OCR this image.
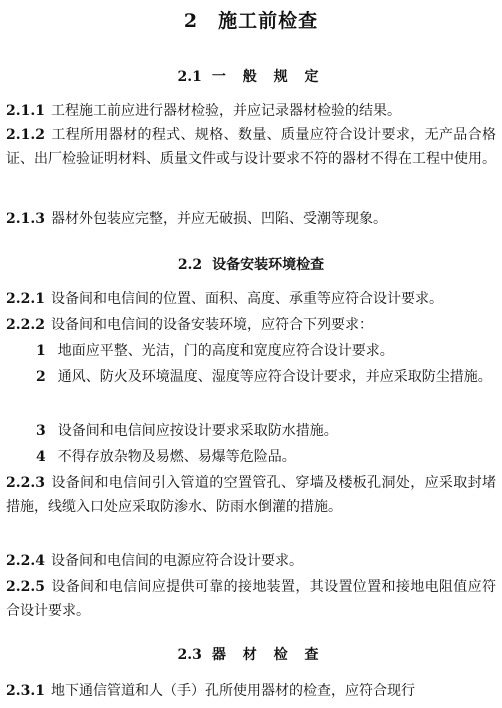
2　施工前检查
2.1 一 般 规 定
2.1.1 工程施工前应进行器材检验，并应记录器材检验的结果。
2.1.2 工程所用器材的程式、规格、数量、质量应符合设计要求，无产品合格证、出厂检验证明材料、质量文件或与设计要求不符的器材不得在工程中使用。
2.1.3 器材外包装应完整，并应无破损、凹陷、受潮等现象。
2.2 设备安装环境检查
2.2.1 设备间和电信间的位置、面积、高度、承重等应符合设计要求。
2.2.2 设备间和电信间的设备安装环境，应符合下列要求：
1 地面应平整、光洁，门的高度和宽度应符合设计要求。
2 通风、防火及环境温度、湿度等应符合设计要求，并应采取防尘措施。
3 设备间和电信间应按设计要求采取防水措施。
4 不得存放杂物及易燃、易爆等危险品。
2.2.3 设备间和电信间引入管道的空置管孔、穿墙及楼板孔洞处，应采取封堵措施，线缆入口处应采取防渗水、防雨水倒灌的措施。
2.2.4 设备间和电信间的电源应符合设计要求。
2.2.5 设备间和电信间应提供可靠的接地装置，其设置位置和接地电阻值应符合设计要求。
2.3 器 材 检 查
2.3.1 地下通信管道和人（手）孔所使用器材的检查，应符合现行
